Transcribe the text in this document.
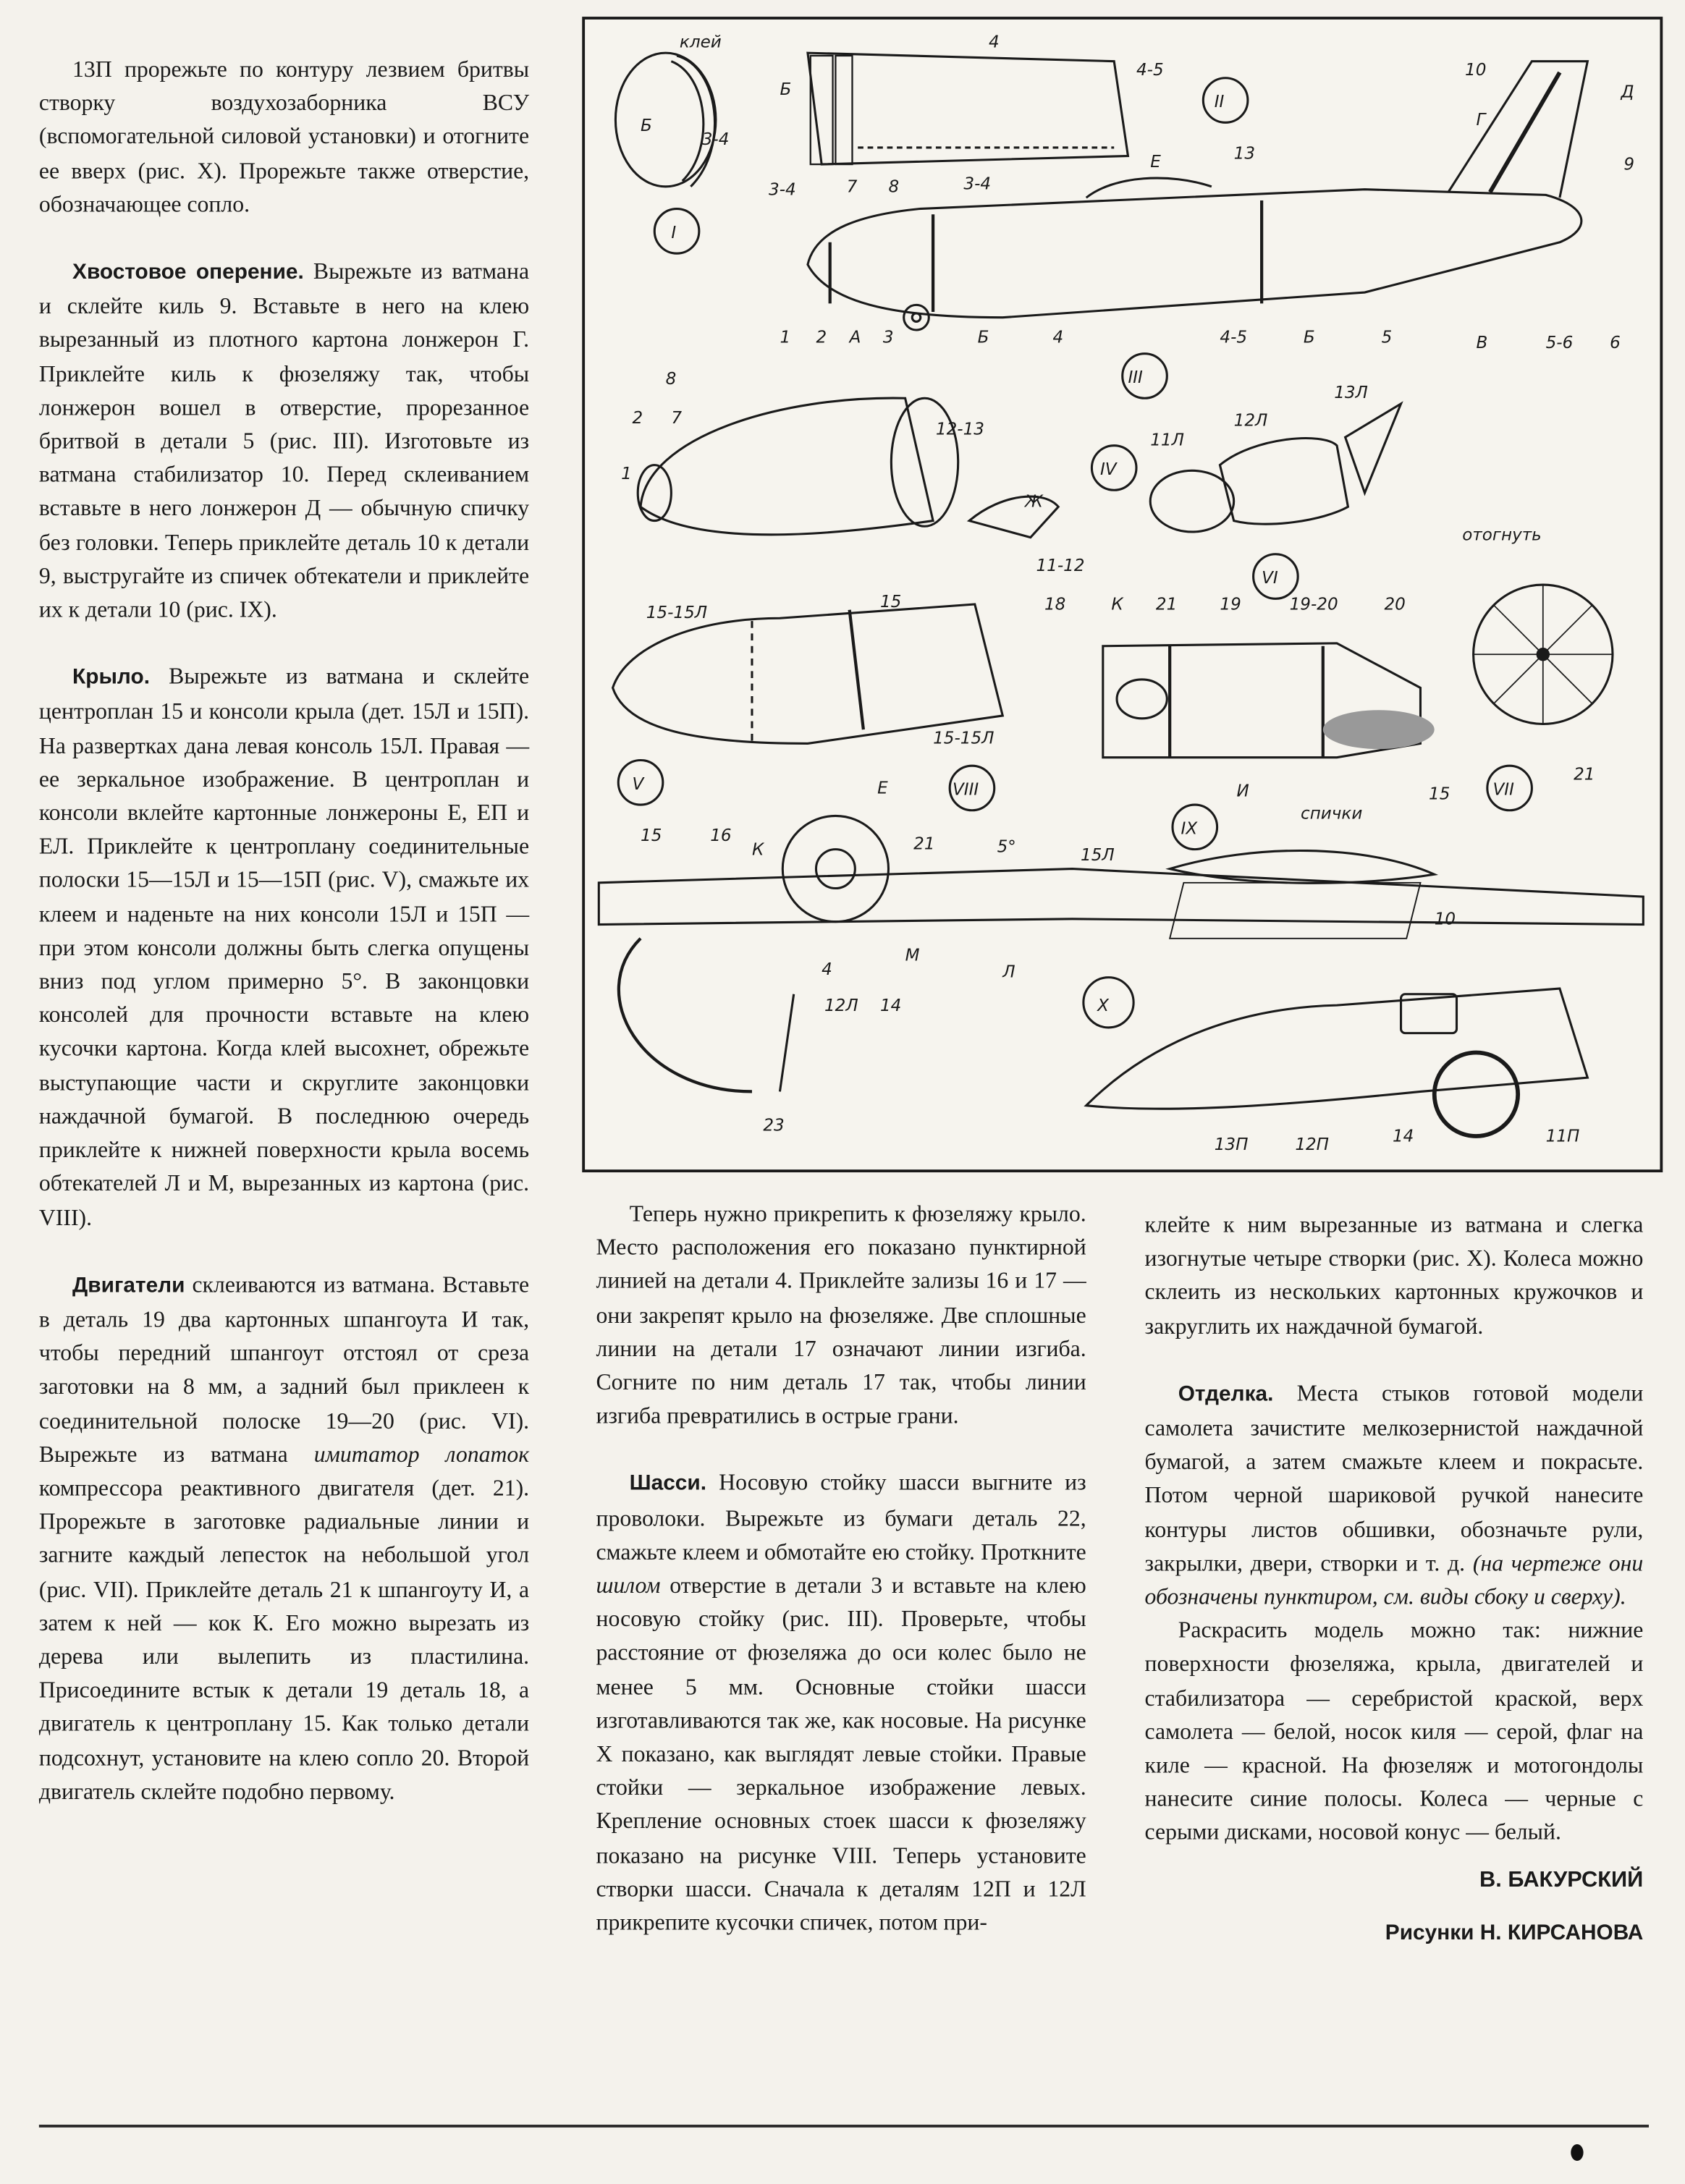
13П прорежьте по контуру лезвием бритвы створку воздухозаборника ВСУ (вспомогательной силовой установки) и отогните ее вверх (рис. X). Прорежьте также отверстие, обозначающее сопло.

Хвостовое оперение. Вырежьте из ватмана и склейте киль 9. Вставьте в него на клею вырезанный из плотного картона лонжерон Г. Приклейте киль к фюзеляжу так, чтобы лонжерон вошел в отверстие, прорезанное бритвой в детали 5 (рис. III). Изготовьте из ватмана стабилизатор 10. Перед склеиванием вставьте в него лонжерон Д — обычную спичку без головки. Теперь приклейте деталь 10 к детали 9, выстругайте из спичек обтекатели и приклейте их к детали 10 (рис. IX).

Крыло. Вырежьте из ватмана и склейте центроплан 15 и консоли крыла (дет. 15Л и 15П). На развертках дана левая консоль 15Л. Правая — ее зеркальное изображение. В центроплан и консоли вклейте картонные лонжероны Е, ЕП и ЕЛ. Приклейте к центроплану соединительные полоски 15—15Л и 15—15П (рис. V), смажьте их клеем и наденьте на них консоли 15Л и 15П — при этом консоли должны быть слегка опущены вниз под углом примерно 5°. В законцовки консолей для прочности вставьте на клею кусочки картона. Когда клей высохнет, обрежьте выступающие части и скруглите законцовки наждачной бумагой. В последнюю очередь приклейте к нижней поверхности крыла восемь обтекателей Л и М, вырезанных из картона (рис. VIII).

Двигатели склеиваются из ватмана. Вставьте в деталь 19 два картонных шпангоута И так, чтобы передний шпангоут отстоял от среза заготовки на 8 мм, а задний был приклеен к соединительной полоске 19—20 (рис. VI). Вырежьте из ватмана имитатор лопаток компрессора реактивного двигателя (дет. 21). Прорежьте в заготовке радиальные линии и загните каждый лепесток на небольшой угол (рис. VII). Приклейте деталь 21 к шпангоуту И, а затем к ней — кок К. Его можно вырезать из дерева или вылепить из пластилина. Присоедините встык к детали 19 деталь 18, а двигатель к центроплану 15. Как только детали подсохнут, установите на клею сопло 20. Второй двигатель склейте подобно первому.

Теперь нужно прикрепить к фюзеляжу крыло. Место расположения его показано пунктирной линией на детали 4. Приклейте зализы 16 и 17 — они закрепят крыло на фюзеляже. Две сплошные линии на детали 17 означают линии изгиба. Согните по ним деталь 17 так, чтобы линии изгиба превратились в острые грани.

Шасси. Носовую стойку шасси выгните из проволоки. Вырежьте из бумаги деталь 22, смажьте клеем и обмотайте ею стойку. Проткните шилом отверстие в детали 3 и вставьте на клею носовую стойку (рис. III). Проверьте, чтобы расстояние от фюзеляжа до оси колес было не менее 5 мм. Основные стойки шасси изготавливаются так же, как носовые. На рисунке X показано, как выглядят левые стойки. Правые стойки — зеркальное изображение левых. Крепление основных стоек шасси к фюзеляжу показано на рисунке VIII. Теперь установите створки шасси. Сначала к деталям 12П и 12Л прикрепите кусочки спичек, потом при-

клейте к ним вырезанные из ватмана и слегка изогнутые четыре створки (рис. X). Колеса можно склеить из нескольких картонных кружочков и закруглить их наждачной бумагой.

Отделка. Места стыков готовой модели самолета зачистите мелкозернистой наждачной бумагой, а затем смажьте клеем и покрасьте. Потом черной шариковой ручкой нанесите контуры листов обшивки, обозначьте рули, закрылки, двери, створки и т. д. (на чертеже они обозначены пунктиром, см. виды сбоку и сверху).

Раскрасить модель можно так: нижние поверхности фюзеляжа, крыла, двигателей и стабилизатора — серебристой краской, верх самолета — белой, носок киля — серой, флаг на киле — красной. На фюзеляж и мотогондолы нанесите синие полосы. Колеса — черные с серыми дисками, носовой конус — белый.

В. БАКУРСКИЙ
Рисунки Н. КИРСАНОВА
клей
Б
3-4
I
4
4-5
Б
3-4
II
1	2	А	3	Б	4	4-5	Б	5	В	5-6	6
7	8	3-4
Е	13
10
Д
Г
9
III
2	7
8
1
12-13
Ж
11-12
IV
11Л
12Л
13Л
15-15Л
15
15-15Л
Е
V
VI
18	К	21	19	19-20	20
И	15
отогнуть
21
VII
VIII
15	16
К	21	5°	15Л
М
Л
4
12Л	14
23
IX
спички
10
X
13П	12П	14	11П
